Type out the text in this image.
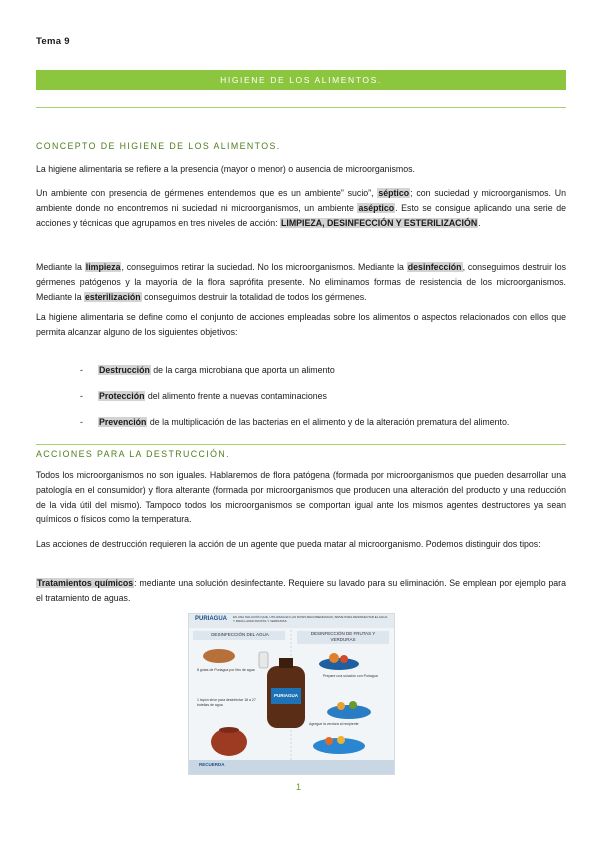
Tema 9
HIGIENE DE LOS ALIMENTOS.
CONCEPTO DE HIGIENE DE LOS ALIMENTOS.
La higiene alimentaria se refiere a la presencia (mayor o menor) o ausencia de microorganismos.
Un ambiente con presencia de gérmenes entendemos que es un ambiente” sucio”, séptico; con suciedad y microorganismos. Un ambiente donde no encontremos ni suciedad ni microorganismos, un ambiente aséptico. Esto se consigue aplicando una serie de acciones y técnicas que agrupamos en tres niveles de acción: LIMPIEZA, DESINFECCIÓN Y ESTERILIZACIÓN.
Mediante la limpieza, conseguimos retirar la suciedad. No los microorganismos. Mediante la desinfección, conseguimos destruir los gérmenes patógenos y la mayoría de la flora saprófita presente. No eliminamos formas de resistencia de los microorganismos. Mediante la esterilización conseguimos destruir la totalidad de todos los gérmenes.
La higiene alimentaria se define como el conjunto de acciones empleadas sobre los alimentos o aspectos relacionados con ellos que permita alcanzar alguno de los siguientes objetivos:
- Destrucción de la carga microbiana que aporta un alimento
- Protección del alimento frente a nuevas contaminaciones
- Prevención de la multiplicación de las bacterias en el alimento y de la alteración prematura del alimento.
ACCIONES PARA LA DESTRUCCIÓN.
Todos los microorganismos no son iguales. Hablaremos de flora patógena (formada por microorganismos que pueden desarrollar una patología en el consumidor) y flora alterante (formada por microorganismos que producen una alteración del producto y una reducción de la vida útil del mismo). Tampoco todos los microorganismos se comportan igual ante los mismos agentes destructores ya sean químicos o físicos como la temperatura.
Las acciones de destrucción requieren la acción de un agente que pueda matar al microorganismo. Podemos distinguir dos tipos:
Tratamientos químicos: mediante una solución desinfectante. Requiere su lavado para su eliminación. Se emplean por ejemplo para el tratamiento de aguas.
PURIAGUA ES UNA SOLUCIÓN QUE, UTILIZADA EN LAS DOSIS RECOMENDADAS, SIRVE PARA DESINFECTAR EL AGUA Y PARA LAVAR FRUTAS Y VERDURAS
DESINFECCIÓN DEL AGUA	DESINFECCIÓN DE FRUTAS Y VERDURAS
PURIAGUA
8 gotas de Puriagua por litro de agua
1 tapón sirve para desinfectar 18 a 27 botellas de agua
Prepare una solución con Puriagua
Agregue la verdura al recipiente
RECUERDA
1
